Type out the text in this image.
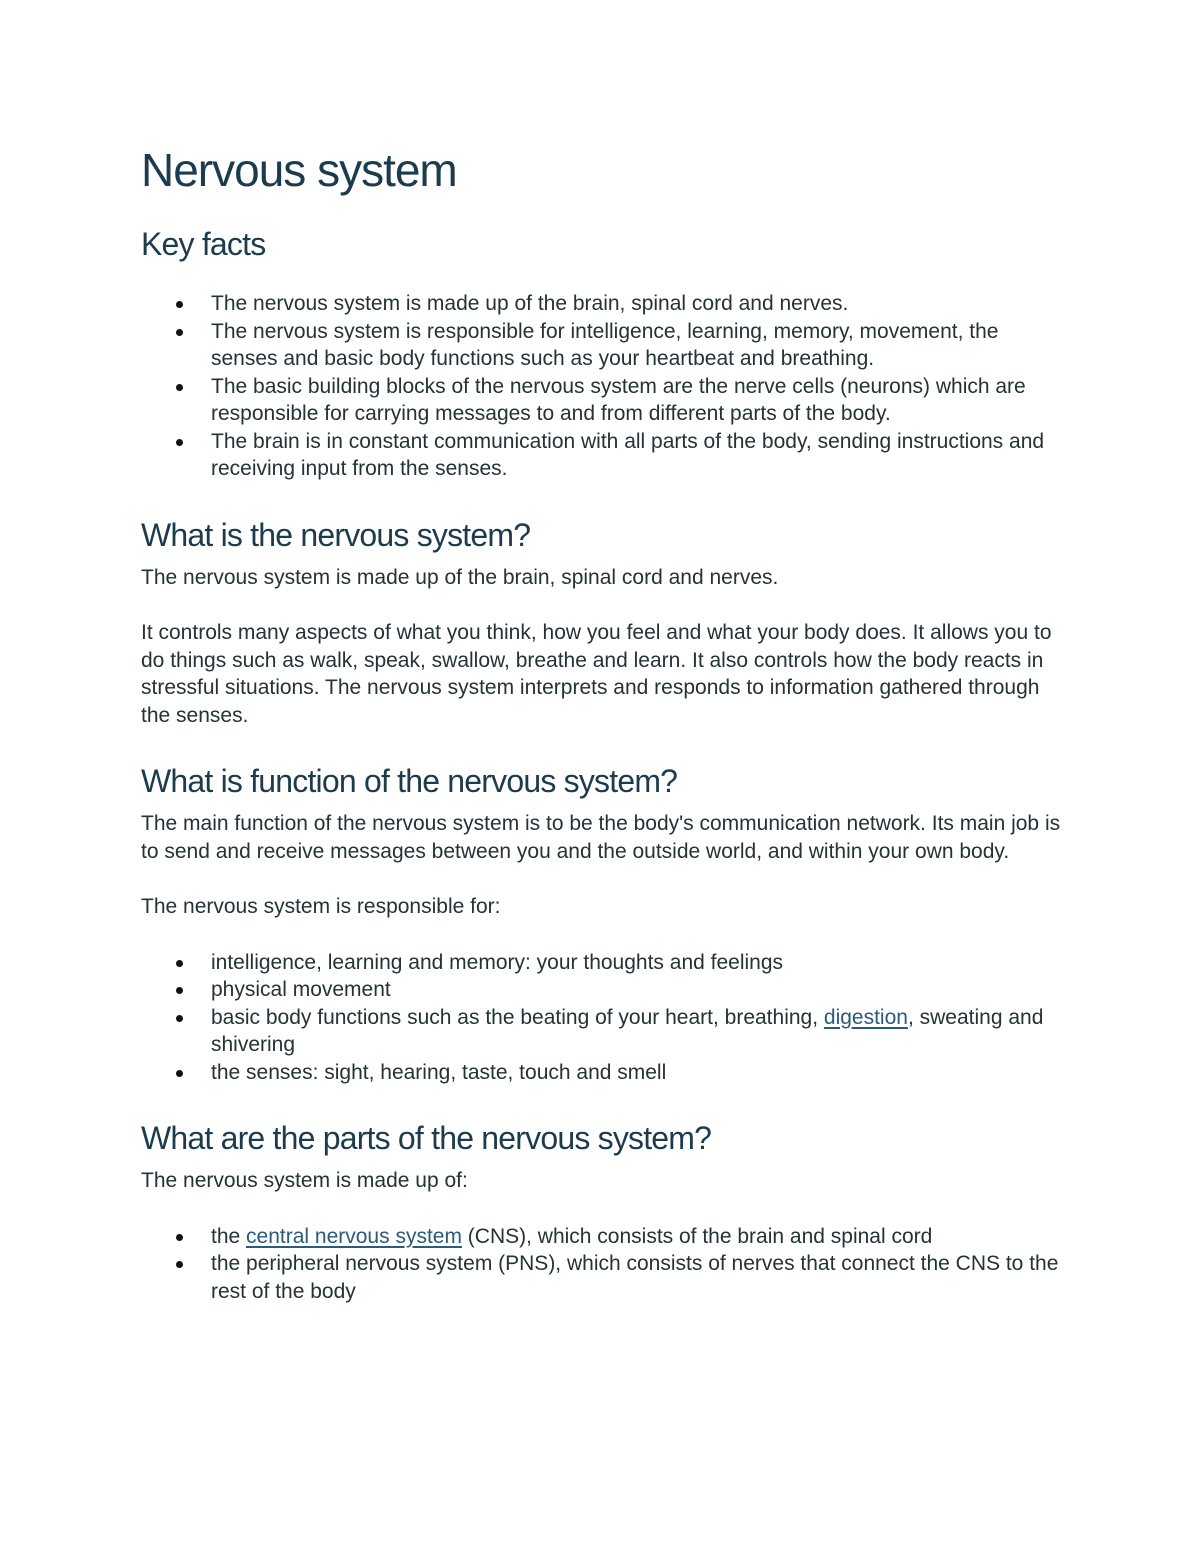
Nervous system
Key facts
The nervous system is made up of the brain, spinal cord and nerves.
The nervous system is responsible for intelligence, learning, memory, movement, the senses and basic body functions such as your heartbeat and breathing.
The basic building blocks of the nervous system are the nerve cells (neurons) which are responsible for carrying messages to and from different parts of the body.
The brain is in constant communication with all parts of the body, sending instructions and receiving input from the senses.
What is the nervous system?

The nervous system is made up of the brain, spinal cord and nerves.

It controls many aspects of what you think, how you feel and what your body does. It allows you to do things such as walk, speak, swallow, breathe and learn. It also controls how the body reacts in stressful situations. The nervous system interprets and responds to information gathered through the senses.

What is function of the nervous system?

The main function of the nervous system is to be the body's communication network. Its main job is to send and receive messages between you and the outside world, and within your own body.

The nervous system is responsible for:

intelligence, learning and memory: your thoughts and feelings
physical movement
basic body functions such as the beating of your heart, breathing, digestion, sweating and shivering
the senses: sight, hearing, taste, touch and smell
What are the parts of the nervous system?

The nervous system is made up of:

the central nervous system (CNS), which consists of the brain and spinal cord
the peripheral nervous system (PNS), which consists of nerves that connect the CNS to the rest of the body
